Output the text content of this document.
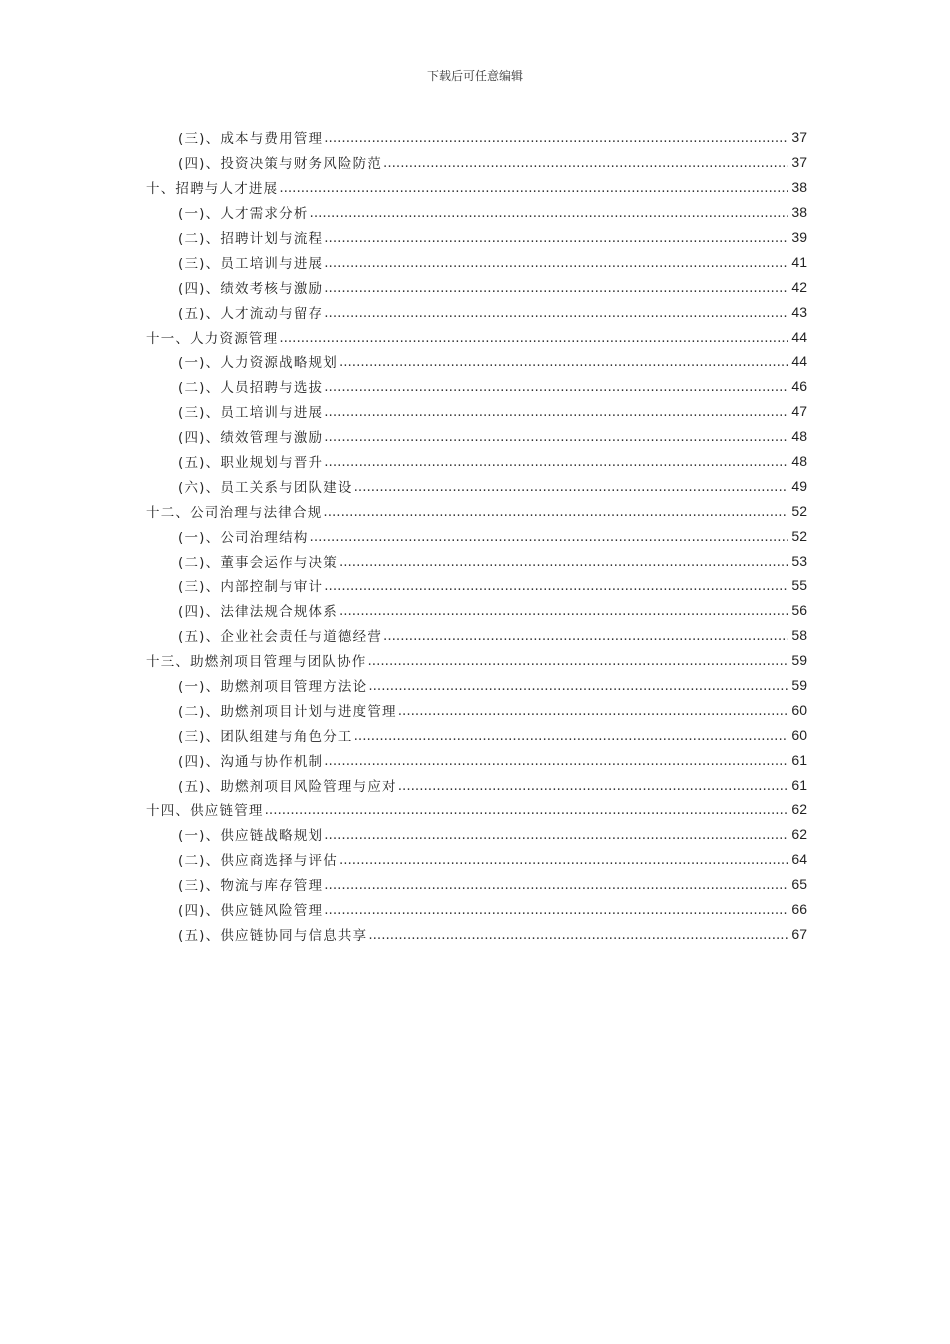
下载后可任意编辑
(三)、成本与费用管理 .....	37
(四)、投资决策与财务风险防范 .....	37
十、招聘与人才进展 .....	38
(一)、人才需求分析 .....	38
(二)、招聘计划与流程 .....	39
(三)、员工培训与进展 .....	41
(四)、绩效考核与激励 .....	42
(五)、人才流动与留存 .....	43
十一、人力资源管理 .....	44
(一)、人力资源战略规划 .....	44
(二)、人员招聘与选拔 .....	46
(三)、员工培训与进展 .....	47
(四)、绩效管理与激励 .....	48
(五)、职业规划与晋升 .....	48
(六)、员工关系与团队建设 .....	49
十二、公司治理与法律合规 .....	52
(一)、公司治理结构 .....	52
(二)、董事会运作与决策 .....	53
(三)、内部控制与审计 .....	55
(四)、法律法规合规体系 .....	56
(五)、企业社会责任与道德经营 .....	58
十三、助燃剂项目管理与团队协作 .....	59
(一)、助燃剂项目管理方法论 .....	59
(二)、助燃剂项目计划与进度管理 .....	60
(三)、团队组建与角色分工 .....	60
(四)、沟通与协作机制 .....	61
(五)、助燃剂项目风险管理与应对 .....	61
十四、供应链管理 .....	62
(一)、供应链战略规划 .....	62
(二)、供应商选择与评估 .....	64
(三)、物流与库存管理 .....	65
(四)、供应链风险管理 .....	66
(五)、供应链协同与信息共享 .....	67
